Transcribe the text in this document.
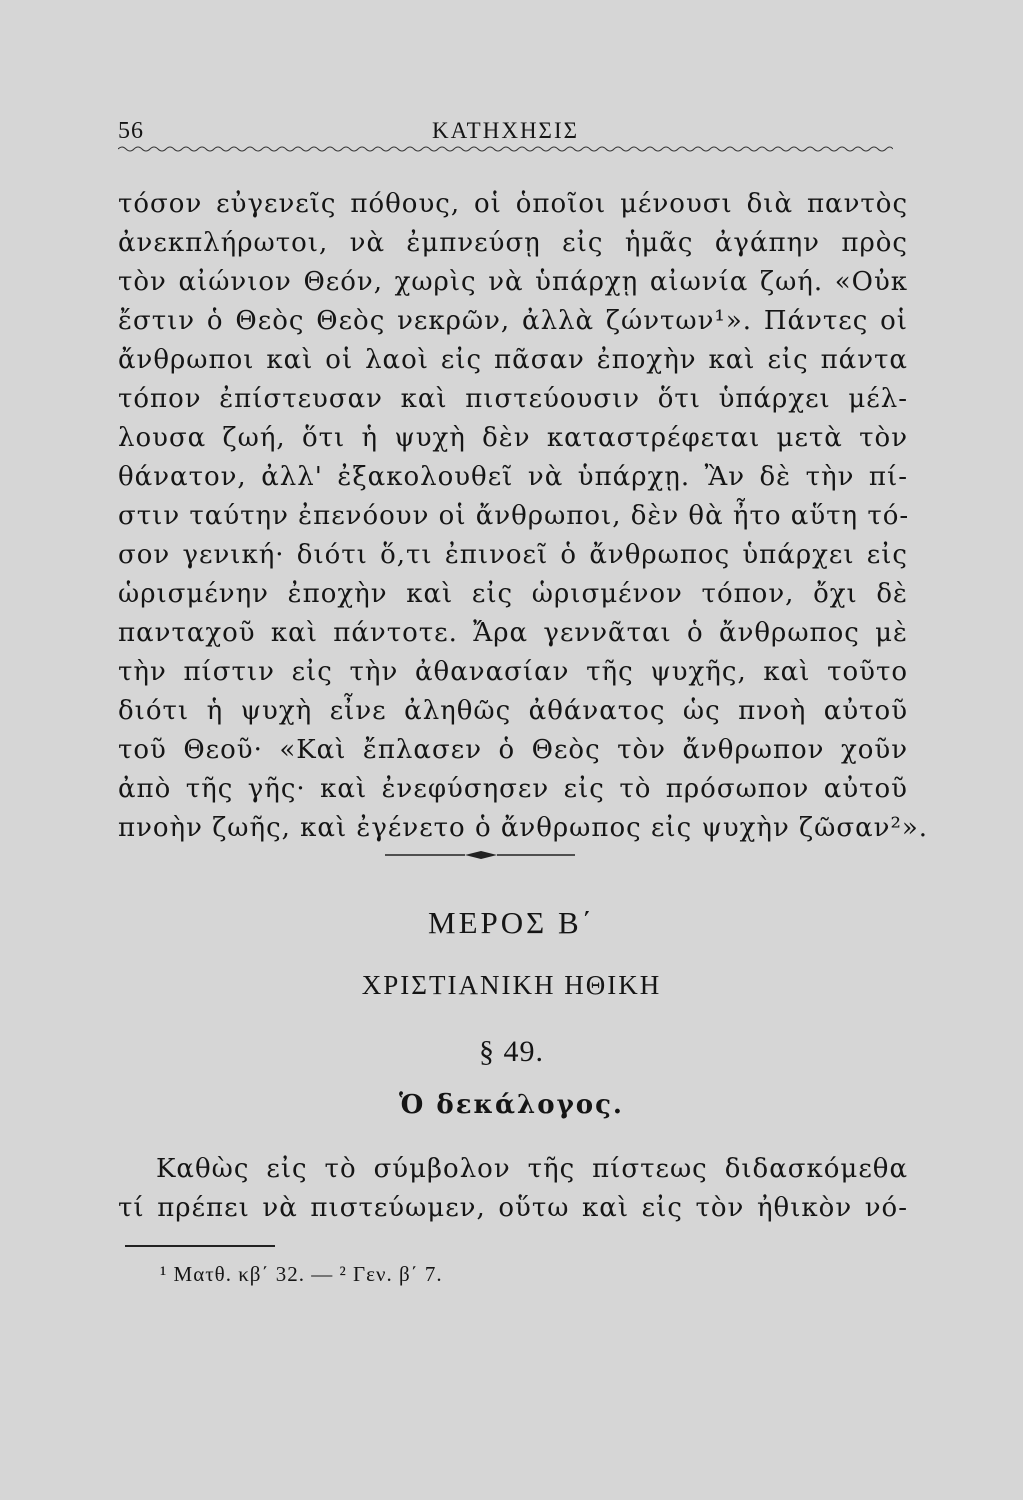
56	ΚΑΤΗΧΗΣΙΣ
τόσον εὐγενεῖς πόθους, οἱ ὁποῖοι μένουσι διὰ παντὸς
ἀνεκπλήρωτοι, νὰ ἐμπνεύσῃ εἰς ἡμᾶς ἀγάπην πρὸς
τὸν αἰώνιον Θεόν, χωρὶς νὰ ὑπάρχῃ αἰωνία ζωή. «Οὐκ
ἔστιν ὁ Θεὸς Θεὸς νεκρῶν, ἀλλὰ ζώντων¹». Πάντες οἱ
ἄνθρωποι καὶ οἱ λαοὶ εἰς πᾶσαν ἐποχὴν καὶ εἰς πάντα
τόπον ἐπίστευσαν καὶ πιστεύουσιν ὅτι ὑπάρχει μέλ-
λουσα ζωή, ὅτι ἡ ψυχὴ δὲν καταστρέφεται μετὰ τὸν
θάνατον, ἀλλ' ἐξακολουθεῖ νὰ ὑπάρχῃ. Ἂν δὲ τὴν πί-
στιν ταύτην ἐπενόουν οἱ ἄνθρωποι, δὲν θὰ ἦτο αὕτη τό-
σον γενική· διότι ὅ,τι ἐπινοεῖ ὁ ἄνθρωπος ὑπάρχει εἰς
ὡρισμένην ἐποχὴν καὶ εἰς ὡρισμένον τόπον, ὄχι δὲ
πανταχοῦ καὶ πάντοτε. Ἄρα γεννᾶται ὁ ἄνθρωπος μὲ
τὴν πίστιν εἰς τὴν ἀθανασίαν τῆς ψυχῆς, καὶ τοῦτο
διότι ἡ ψυχὴ εἶνε ἀληθῶς ἀθάνατος ὡς πνοὴ αὐτοῦ
τοῦ Θεοῦ· «Καὶ ἔπλασεν ὁ Θεὸς τὸν ἄνθρωπον χοῦν
ἀπὸ τῆς γῆς· καὶ ἐνεφύσησεν εἰς τὸ πρόσωπον αὐτοῦ
πνοὴν ζωῆς, καὶ ἐγένετο ὁ ἄνθρωπος εἰς ψυχὴν ζῶσαν²».
ΜΕΡΟΣ Β΄
ΧΡΙΣΤΙΑΝΙΚΗ ΗΘΙΚΗ
§ 49.
Ὁ δεκάλογος.
Καθὼς εἰς τὸ σύμβολον τῆς πίστεως διδασκόμεθα
τί πρέπει νὰ πιστεύωμεν, οὕτω καὶ εἰς τὸν ἠθικὸν νό-
¹ Ματθ. κβ΄ 32. — ² Γεν. β΄ 7.
